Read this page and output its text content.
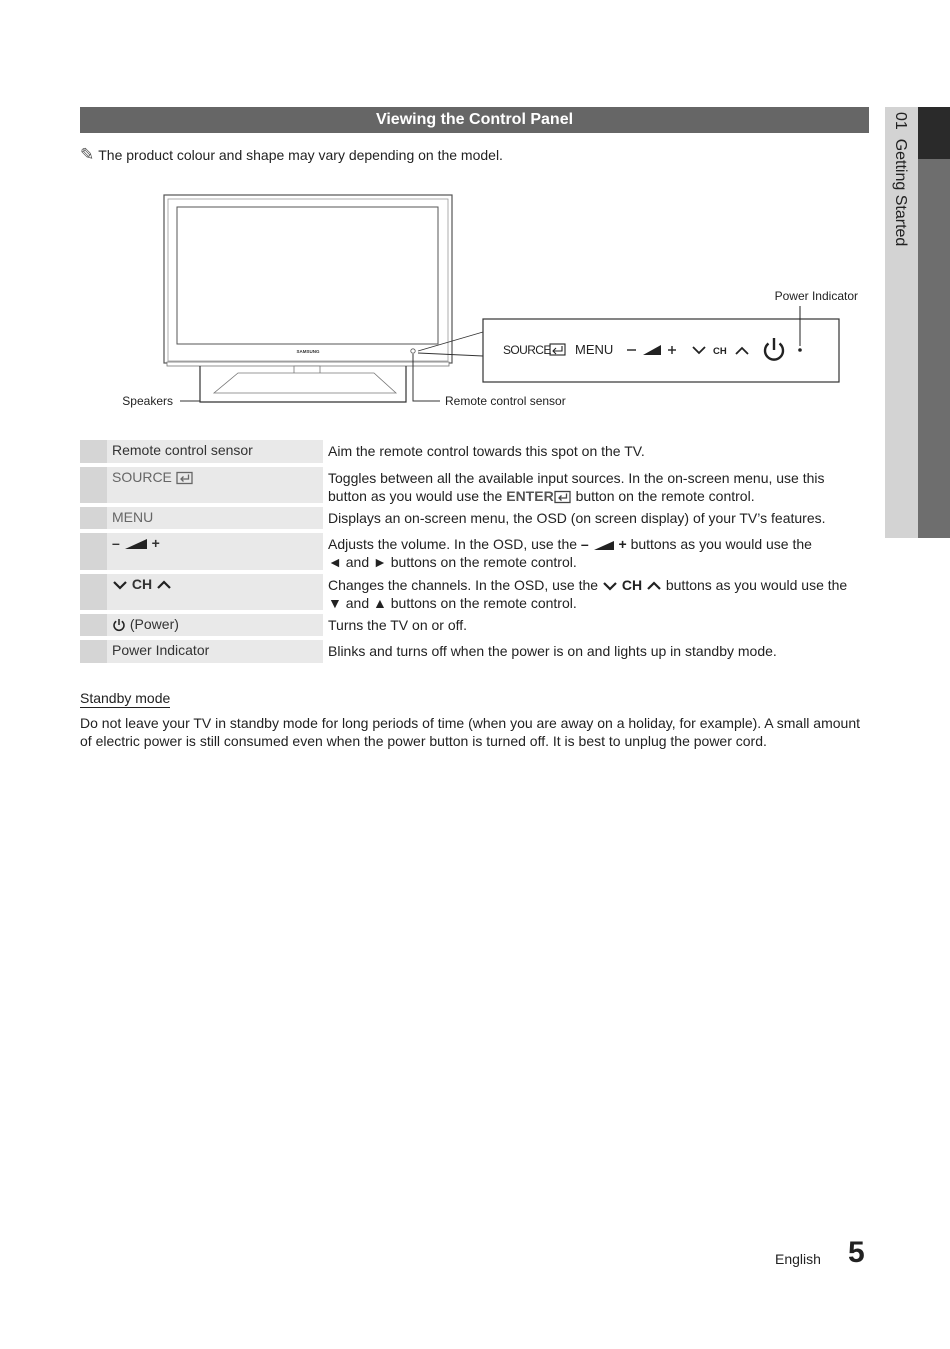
01  Getting Started
Viewing the Control Panel
✎ The product colour and shape may vary depending on the model.
SAMSUNG	SOURCE MENU	CH
Power Indicator
Speakers	Remote control sensor
Remote control sensor	Aim the remote control towards this spot on the TV.
SOURCE	Toggles between all the available input sources. In the on-screen menu, use this
button as you would use the ENTER button on the remote control.
MENU	Displays an on-screen menu, the OSD (on screen display) of your TV’s features.
– +	Adjusts the volume. In the OSD, use the – + buttons as you would use the
◄ and ► buttons on the remote control.
CH	Changes the channels. In the OSD, use the CH buttons as you would use the
▼ and ▲ buttons on the remote control.
(Power)	Turns the TV on or off.
Power Indicator	Blinks and turns off when the power is on and lights up in standby mode.
Standby mode
Do not leave your TV in standby mode for long periods of time (when you are away on a holiday, for example). A small amount of electric power is still consumed even when the power button is turned off. It is best to unplug the power cord.
English 5
